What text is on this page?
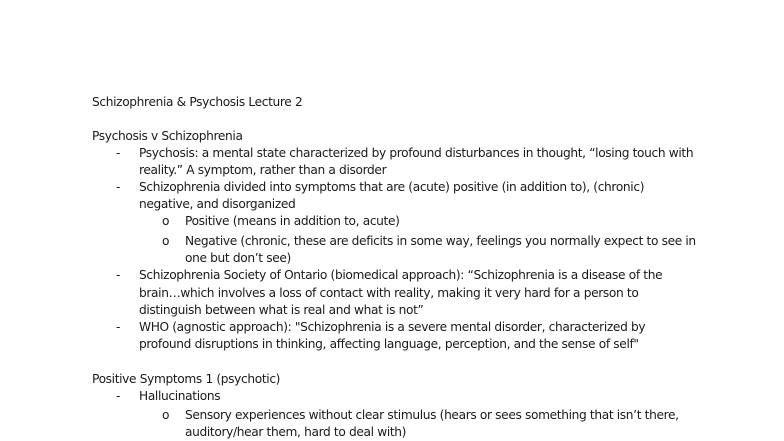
Schizophrenia & Psychosis Lecture 2
Psychosis v Schizophrenia
- Psychosis: a mental state characterized by profound disturbances in thought, “losing touch with
reality.” A symptom, rather than a disorder
- Schizophrenia divided into symptoms that are (acute) positive (in addition to), (chronic)
negative, and disorganized
o Positive (means in addition to, acute)
o Negative (chronic, these are deficits in some way, feelings you normally expect to see in
one but don’t see)
- Schizophrenia Society of Ontario (biomedical approach): “Schizophrenia is a disease of the
brain…which involves a loss of contact with reality, making it very hard for a person to
distinguish between what is real and what is not”
- WHO (agnostic approach): "Schizophrenia is a severe mental disorder, characterized by
profound disruptions in thinking, affecting language, perception, and the sense of self"
Positive Symptoms 1 (psychotic)
- Hallucinations
o Sensory experiences without clear stimulus (hears or sees something that isn’t there,
auditory/hear them, hard to deal with)
